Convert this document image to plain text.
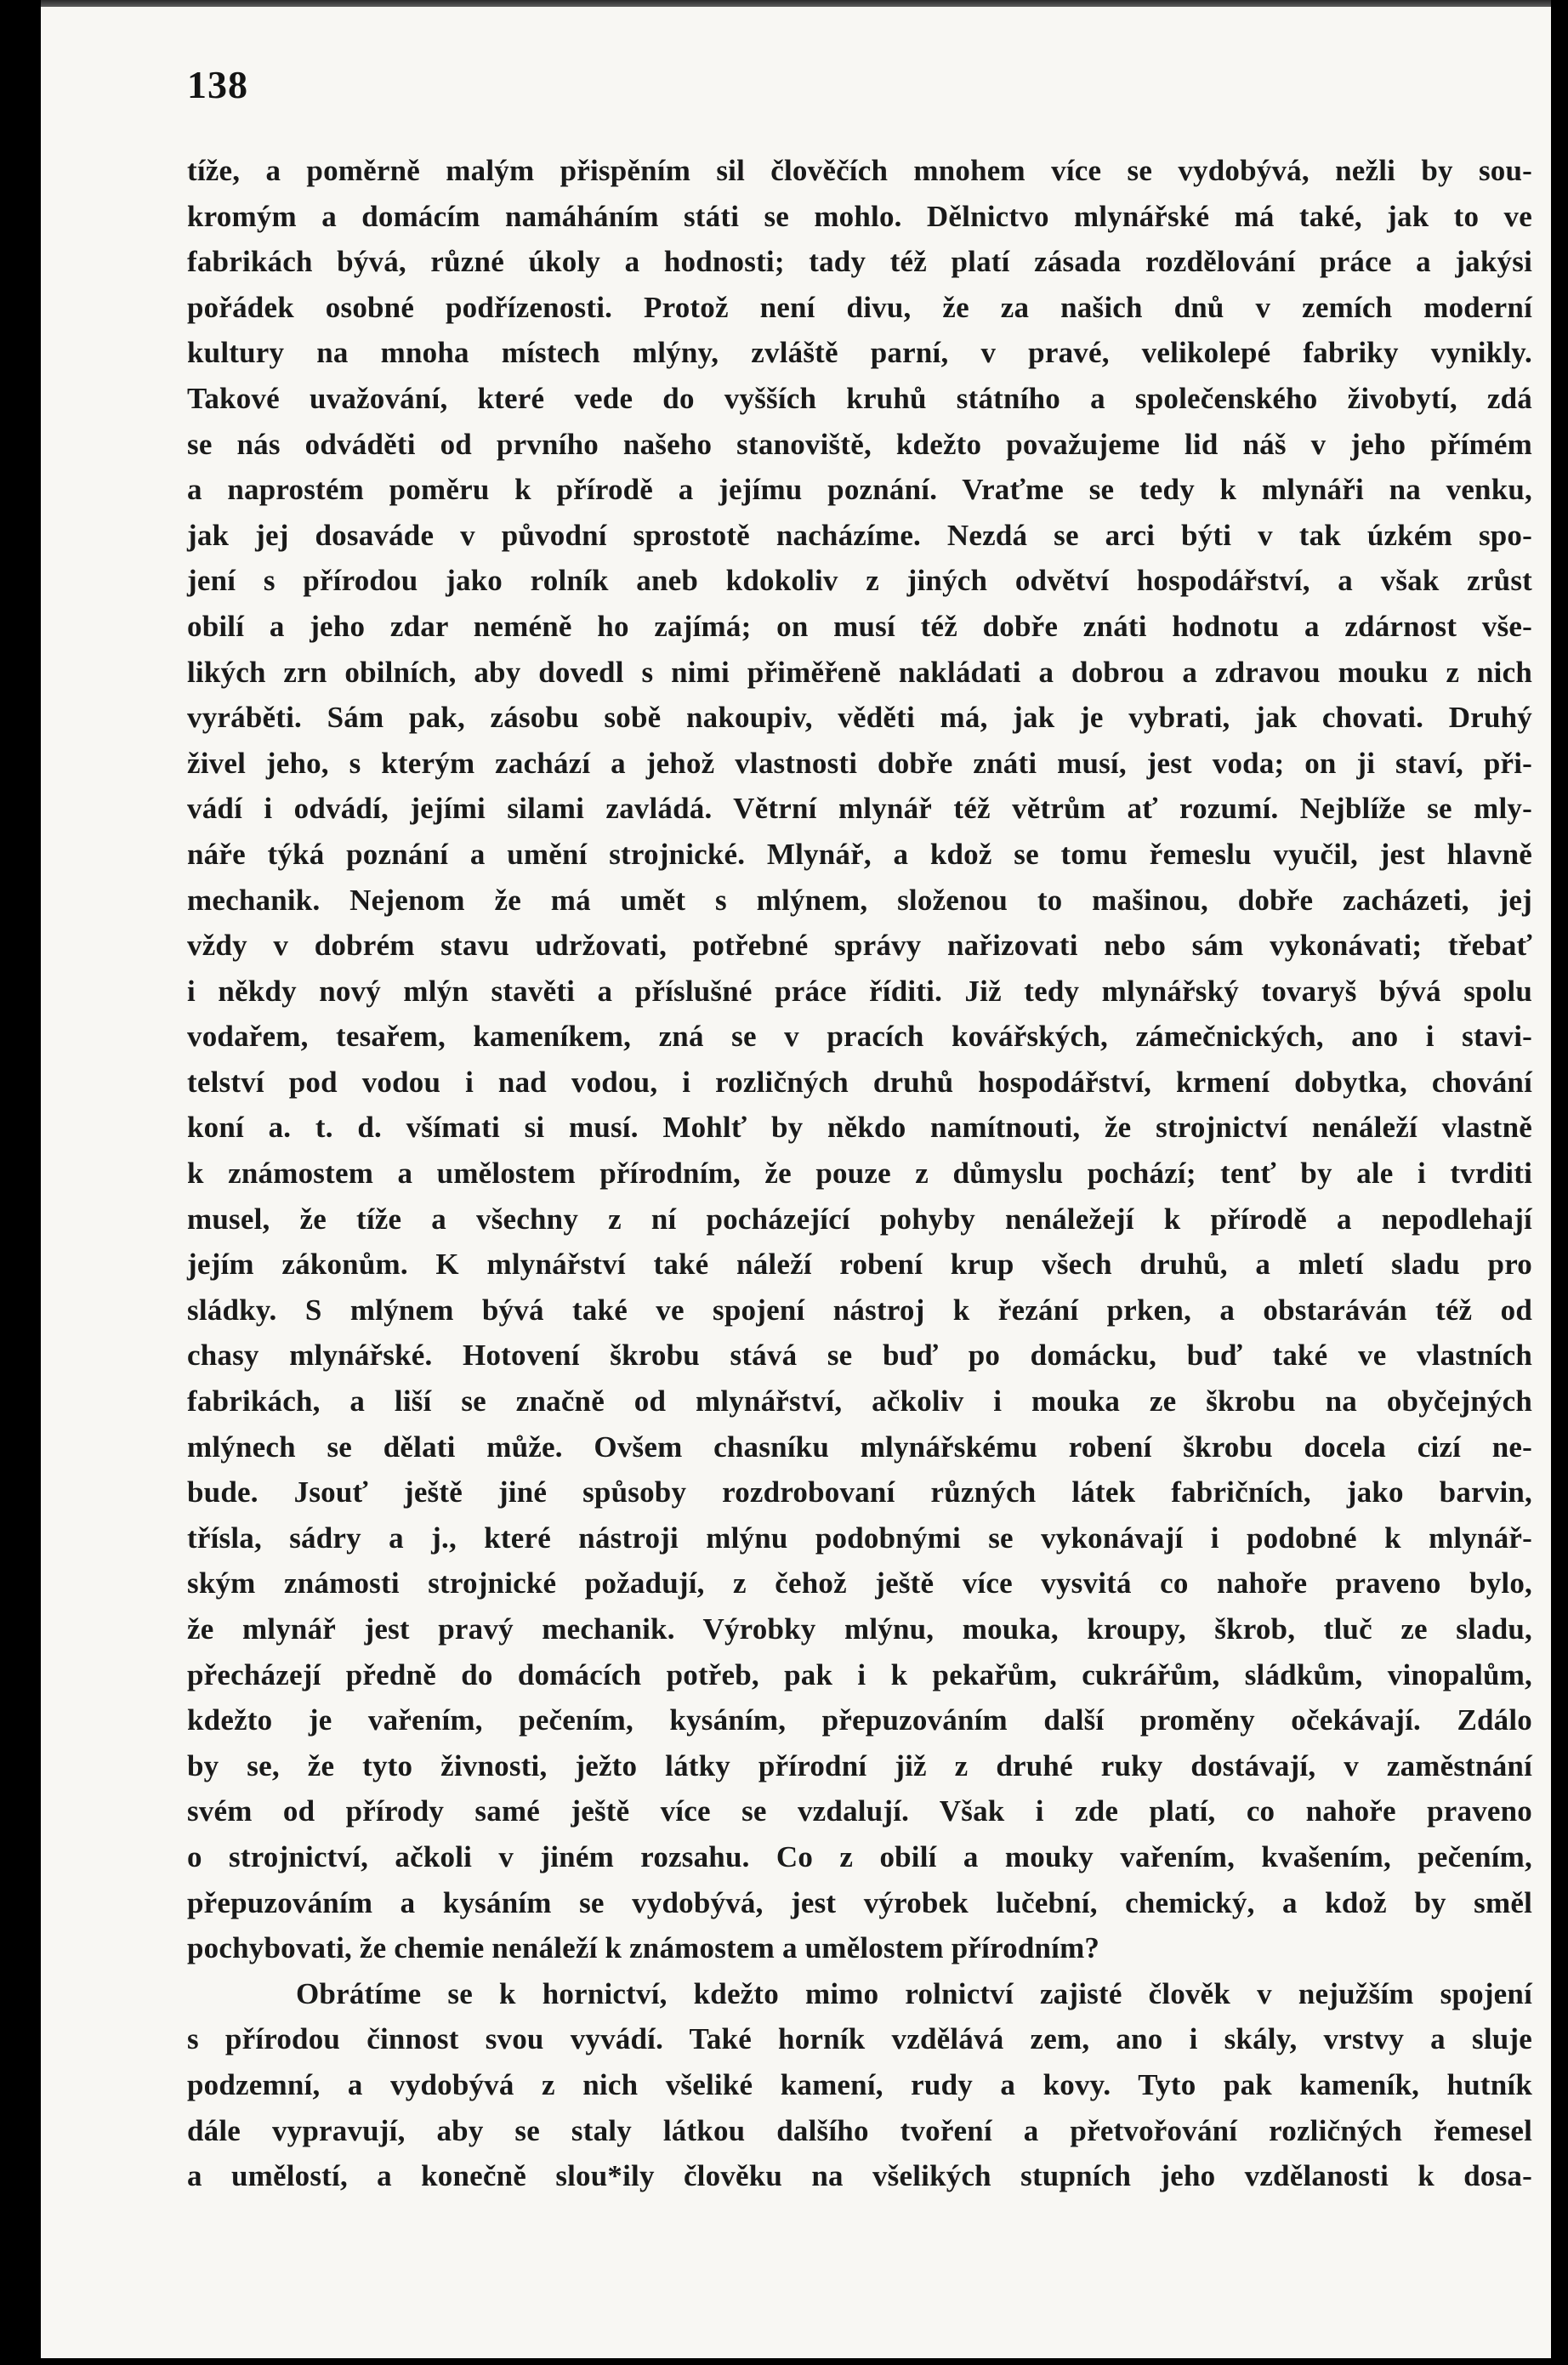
138
tíže, a poměrně malým přispěním sil člověčích mnohem více se vydobývá, nežli by sou-
kromým a domácím namáháním státi se mohlo. Dělnictvo mlynářské má také, jak to ve
fabrikách bývá, různé úkoly a hodnosti; tady též platí zásada rozdělování práce a jakýsi
pořádek osobné podřízenosti. Protož není divu, že za našich dnů v zemích moderní
kultury na mnoha místech mlýny, zvláště parní, v pravé, velikolepé fabriky vynikly.
Takové uvažování, které vede do vyšších kruhů státního a společenského živobytí, zdá
se nás odváděti od prvního našeho stanoviště, kdežto považujeme lid náš v jeho přímém
a naprostém poměru k přírodě a jejímu poznání. Vraťme se tedy k mlynáři na venku,
jak jej dosaváde v původní sprostotě nacházíme. Nezdá se arci býti v tak úzkém spo-
jení s přírodou jako rolník aneb kdokoliv z jiných odvětví hospodářství, a však zrůst
obilí a jeho zdar neméně ho zajímá; on musí též dobře znáti hodnotu a zdárnost vše-
likých zrn obilních, aby dovedl s nimi přiměřeně nakládati a dobrou a zdravou mouku z nich
vyráběti. Sám pak, zásobu sobě nakoupiv, věděti má, jak je vybrati, jak chovati. Druhý
živel jeho, s kterým zachází a jehož vlastnosti dobře znáti musí, jest voda; on ji staví, při-
vádí i odvádí, jejími silami zavládá. Větrní mlynář též větrům ať rozumí. Nejblíže se mly-
náře týká poznání a umění strojnické. Mlynář, a kdož se tomu řemeslu vyučil, jest hlavně
mechanik. Nejenom že má umět s mlýnem, složenou to mašinou, dobře zacházeti, jej
vždy v dobrém stavu udržovati, potřebné správy nařizovati nebo sám vykonávati; třebať
i někdy nový mlýn stavěti a příslušné práce říditi. Již tedy mlynářský tovaryš bývá spolu
vodařem, tesařem, kameníkem, zná se v pracích kovářských, zámečnických, ano i stavi-
telství pod vodou i nad vodou, i rozličných druhů hospodářství, krmení dobytka, chování
koní a. t. d. všímati si musí. Mohlť by někdo namítnouti, že strojnictví nenáleží vlastně
k známostem a umělostem přírodním, že pouze z důmyslu pochází; tenť by ale i tvrditi
musel, že tíže a všechny z ní pocházející pohyby nenáležejí k přírodě a nepodlehají
jejím zákonům. K mlynářství také náleží robení krup všech druhů, a mletí sladu pro
sládky. S mlýnem bývá také ve spojení nástroj k řezání prken, a obstaráván též od
chasy mlynářské. Hotovení škrobu stává se buď po domácku, buď také ve vlastních
fabrikách, a liší se značně od mlynářství, ačkoliv i mouka ze škrobu na obyčejných
mlýnech se dělati může. Ovšem chasníku mlynářskému robení škrobu docela cizí ne-
bude. Jsouť ještě jiné spůsoby rozdrobovaní různých látek fabričních, jako barvin,
třísla, sádry a j., které nástroji mlýnu podobnými se vykonávají i podobné k mlynář-
ským známosti strojnické požadují, z čehož ještě více vysvitá co nahoře praveno bylo,
že mlynář jest pravý mechanik. Výrobky mlýnu, mouka, kroupy, škrob, tluč ze sladu,
přecházejí předně do domácích potřeb, pak i k pekařům, cukrářům, sládkům, vinopalům,
kdežto je vařením, pečením, kysáním, přepuzováním další proměny očekávají. Zdálo
by se, že tyto živnosti, ježto látky přírodní již z druhé ruky dostávají, v zaměstnání
svém od přírody samé ještě více se vzdalují. Však i zde platí, co nahoře praveno
o strojnictví, ačkoli v jiném rozsahu. Co z obilí a mouky vařením, kvašením, pečením,
přepuzováním a kysáním se vydobývá, jest výrobek lučební, chemický, a kdož by směl
pochybovati, že chemie nenáleží k známostem a umělostem přírodním?
Obrátíme se k hornictví, kdežto mimo rolnictví zajisté člověk v nejužším spojení
s přírodou činnost svou vyvádí. Také horník vzdělává zem, ano i skály, vrstvy a sluje
podzemní, a vydobývá z nich všeliké kamení, rudy a kovy. Tyto pak kameník, hutník
dále vypravují, aby se staly látkou dalšího tvoření a přetvořování rozličných řemesel
a umělostí, a konečně slou*ily člověku na všelikých stupních jeho vzdělanosti k dosa-
